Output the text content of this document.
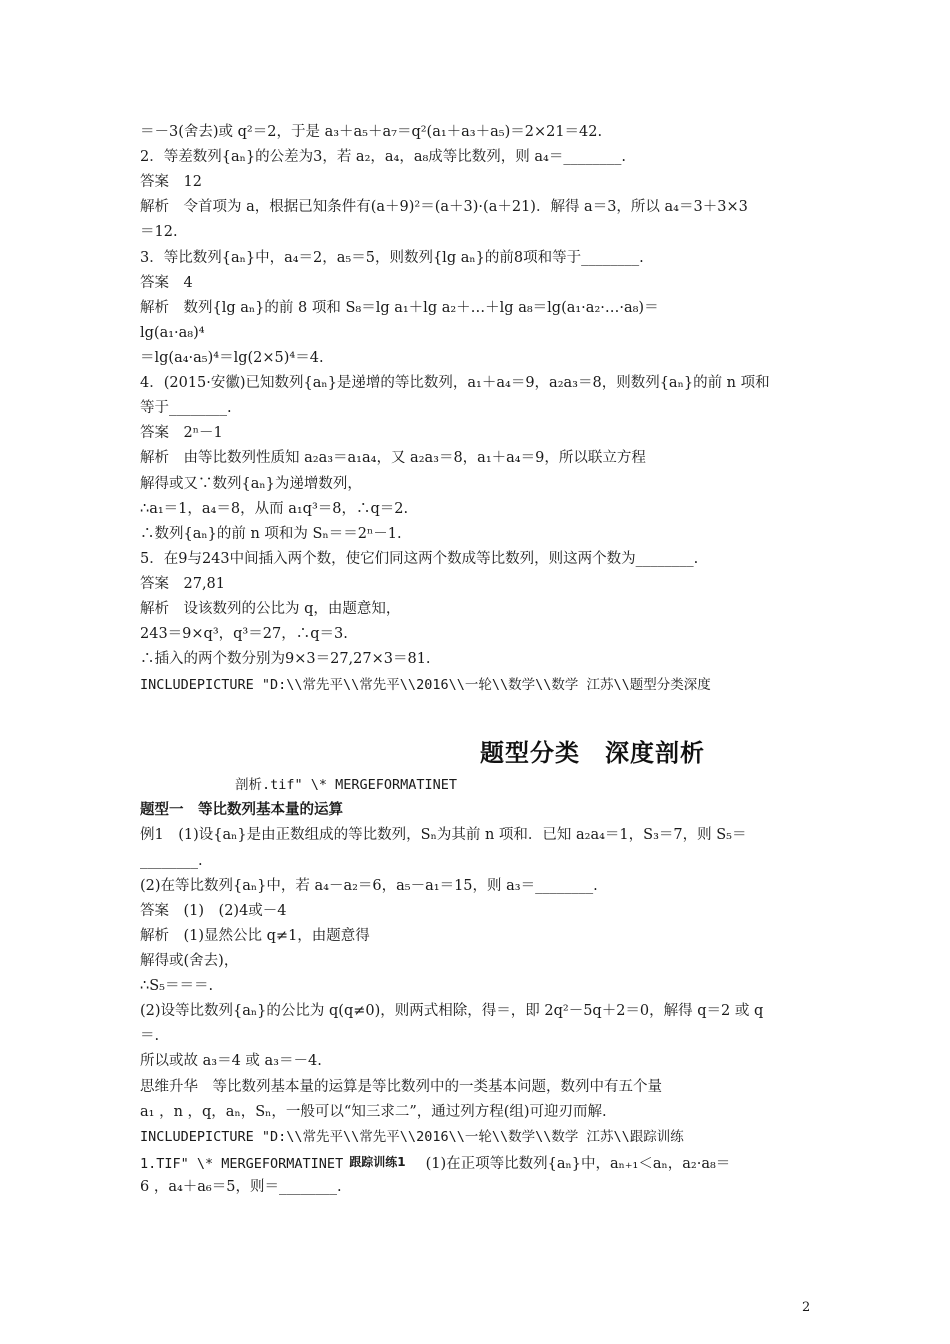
＝－3(舍去)或 q²＝2，于是 a₃＋a₅＋a₇＝q²(a₁＋a₃＋a₅)＝2×21＝42.
2．等差数列{aₙ}的公差为3，若 a₂，a₄，a₈成等比数列，则 a₄＝________.
答案　12
解析　令首项为 a，根据已知条件有(a＋9)²＝(a＋3)·(a＋21)．解得 a＝3，所以 a₄＝3＋3×3
＝12.
3．等比数列{aₙ}中，a₄＝2，a₅＝5，则数列{lg aₙ}的前8项和等于________.
答案　4
解析　数列{lg aₙ}的前 8 项和 S₈＝lg a₁＋lg a₂＋…＋lg a₈＝lg(a₁·a₂·…·a₈)＝
lg(a₁·a₈)⁴
＝lg(a₄·a₅)⁴＝lg(2×5)⁴＝4.
4．(2015·安徽)已知数列{aₙ}是递增的等比数列，a₁＋a₄＝9，a₂a₃＝8，则数列{aₙ}的前 n 项和
等于________.
答案　2ⁿ－1
解析　由等比数列性质知 a₂a₃＝a₁a₄，又 a₂a₃＝8，a₁＋a₄＝9，所以联立方程
解得或又∵数列{aₙ}为递增数列，
∴a₁＝1，a₄＝8，从而 a₁q³＝8，∴q＝2.
∴数列{aₙ}的前 n 项和为 Sₙ＝＝2ⁿ－1.
5．在9与243中间插入两个数，使它们同这两个数成等比数列，则这两个数为________.
答案　27,81
解析　设该数列的公比为 q，由题意知，
243＝9×q³，q³＝27，∴q＝3.
∴插入的两个数分别为9×3＝27,27×3＝81.
INCLUDEPICTURE "D:\\常先平\\常先平\\2016\\一轮\\数学\\数学 江苏\\题型分类深度
题型分类　深度剖析
剖析.tif" \* MERGEFORMATINET
题型一　等比数列基本量的运算
例1　(1)设{aₙ}是由正数组成的等比数列，Sₙ为其前 n 项和．已知 a₂a₄＝1，S₃＝7，则 S₅＝
________.
(2)在等比数列{aₙ}中，若 a₄－a₂＝6，a₅－a₁＝15，则 a₃＝________.
答案　(1)　(2)4或－4
解析　(1)显然公比 q≠1，由题意得
解得或(舍去)，
∴S₅＝＝＝.
(2)设等比数列{aₙ}的公比为 q(q≠0)，则两式相除，得＝，即 2q²－5q＋2＝0，解得 q＝2 或 q
＝.
所以或故 a₃＝4 或 a₃＝－4.
思维升华　等比数列基本量的运算是等比数列中的一类基本问题，数列中有五个量
a₁ ，n ，q，aₙ，Sₙ，一般可以“知三求二”，通过列方程(组)可迎刃而解.
INCLUDEPICTURE "D:\\常先平\\常先平\\2016\\一轮\\数学\\数学 江苏\\跟踪训练
1.TIF" \* MERGEFORMATINET 跟踪训练1 (1)在正项等比数列{aₙ}中，aₙ₊₁＜aₙ，a₂·a₈＝
6 ，a₄＋a₆＝5，则＝________.
2
